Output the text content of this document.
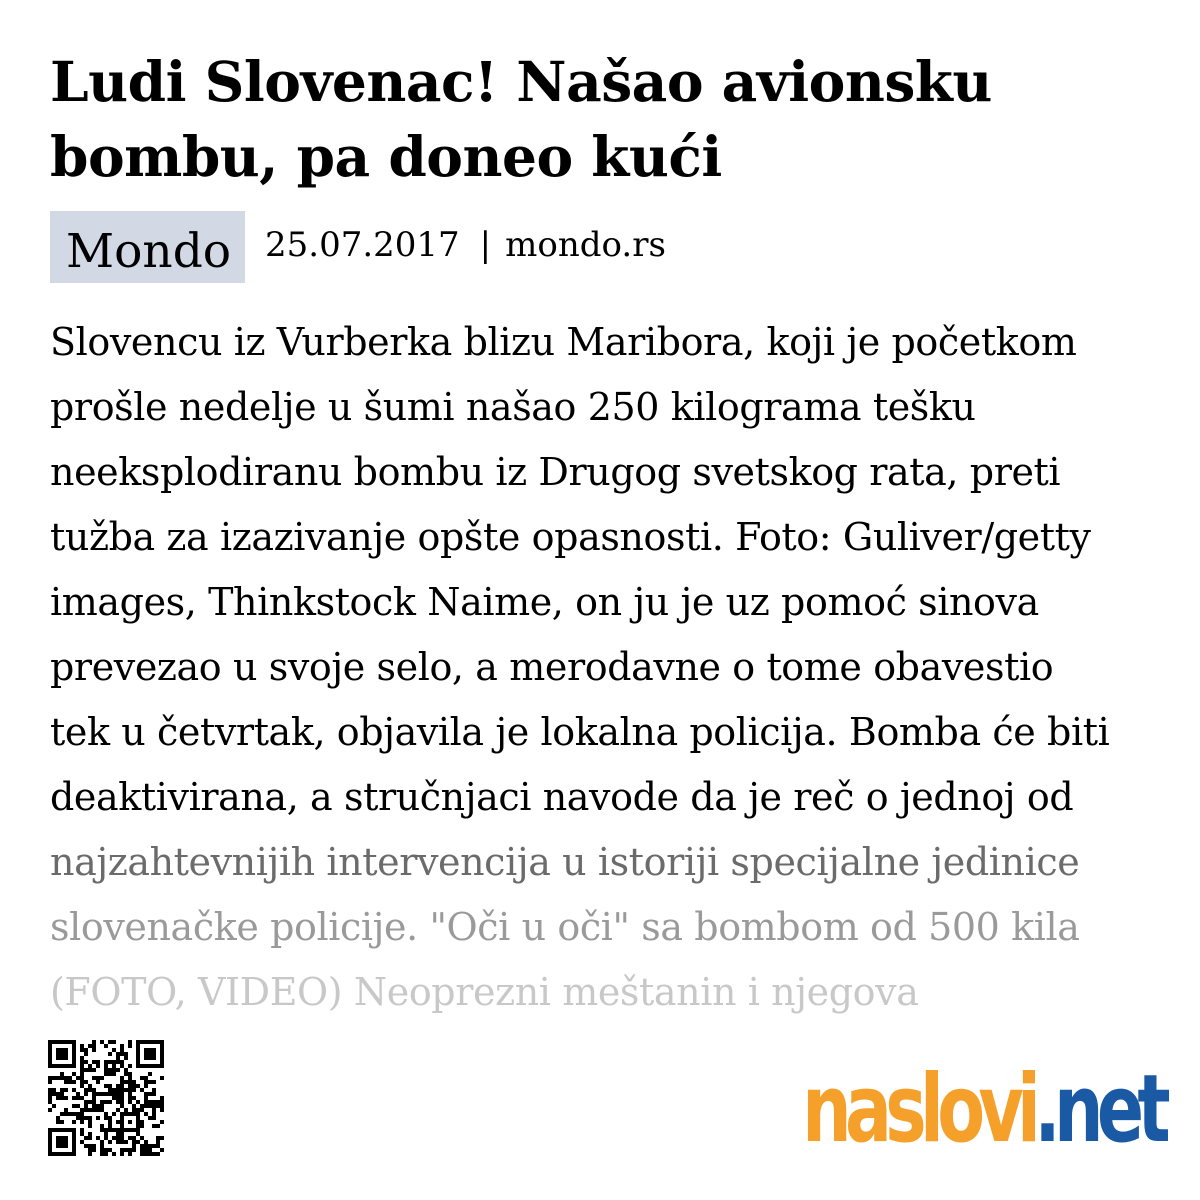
Ludi Slovenac! Našao avionsku bombu, pa doneo kući
Mondo 25.07.2017 | mondo.rs
Slovencu iz Vurberka blizu Maribora, koji je početkom
prošle nedelje u šumi našao 250 kilograma tešku
neeksplodiranu bombu iz Drugog svetskog rata, preti
tužba za izazivanje opšte opasnosti. Foto: Guliver/getty
images, Thinkstock Naime, on ju je uz pomoć sinova
prevezao u svoje selo, a merodavne o tome obavestio
tek u četvrtak, objavila je lokalna policija. Bomba će biti
deaktivirana, a stručnjaci navode da je reč o jednoj od
najzahtevnijih intervencija u istoriji specijalne jedinice
slovenačke policije. "Oči u oči" sa bombom od 500 kila
(FOTO, VIDEO) Neoprezni meštanin i njegova
naslovi.net
